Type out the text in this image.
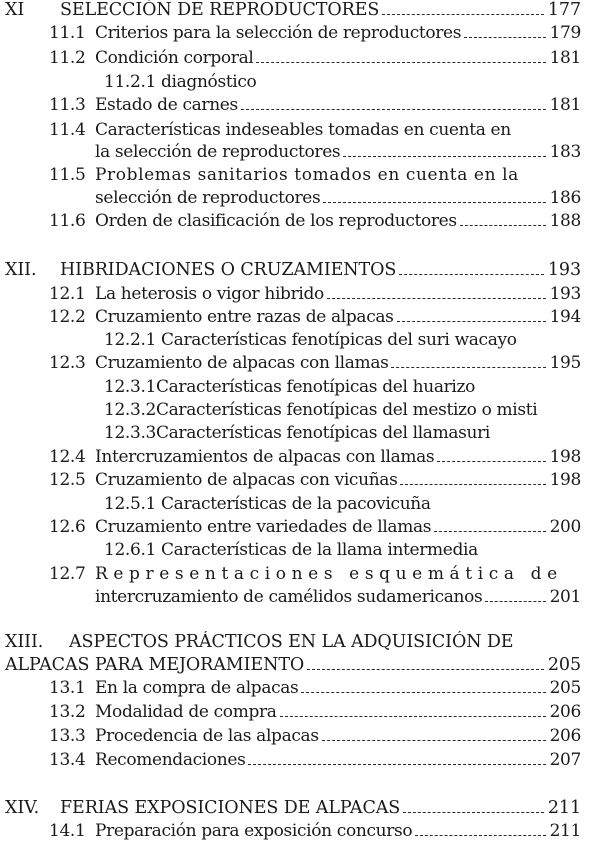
XI	SELECCIÓN DE REPRODUCTORES	177
11.1 Criterios para la selección de reproductores	179
11.2 Condición corporal	181
11.2.1 diagnóstico
11.3 Estado de carnes	181
11.4 Características indeseables tomadas en cuenta en
la selección de reproductores	183
11.5 Problemas sanitarios tomados en cuenta en la
selección de reproductores	186
11.6 Orden de clasificación de los reproductores	188
XII.	HIBRIDACIONES O CRUZAMIENTOS	193
12.1 La heterosis o vigor hibrido	193
12.2 Cruzamiento entre razas de alpacas	194
12.2.1 Características fenotípicas del suri wacayo
12.3 Cruzamiento de alpacas con llamas	195
12.3.1Características fenotípicas del huarizo
12.3.2Características fenotípicas del mestizo o misti
12.3.3Características fenotípicas del llamasuri
12.4 Intercruzamientos de alpacas con llamas	198
12.5 Cruzamiento de alpacas con vicuñas	198
12.5.1 Características de la pacovicuña
12.6 Cruzamiento entre variedades de llamas	200
12.6.1 Características de la llama intermedia
12.7 Representaciones esquemática de
intercruzamiento de camélidos sudamericanos	201
XIII.	ASPECTOS PRÁCTICOS EN LA ADQUISICIÓN DE
ALPACAS PARA MEJORAMIENTO	205
13.1 En la compra de alpacas	205
13.2 Modalidad de compra	206
13.3 Procedencia de las alpacas	206
13.4 Recomendaciones	207
XIV.	FERIAS EXPOSICIONES DE ALPACAS	211
14.1 Preparación para exposición concurso	211
